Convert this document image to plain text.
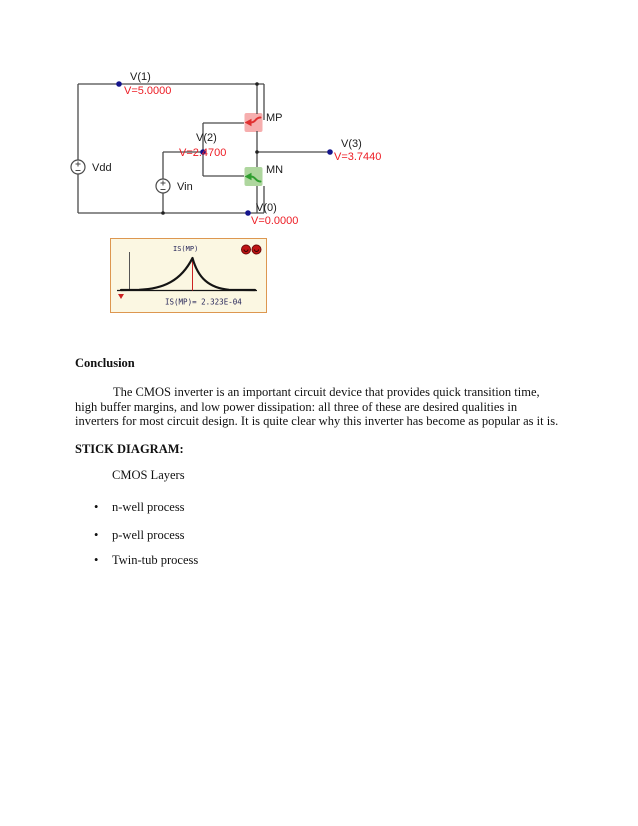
V(1)
V=5.0000
Vdd
Vin
MP
MN
V(2)
V=2.4700
V(3)
V=3.7440
V(0)
V=0.0000
IS(MP)
IS(MP)= 2.323E-04
Conclusion
The CMOS inverter is an important circuit device that provides quick transition time, high buffer margins, and low power dissipation: all three of these are desired qualities in inverters for most circuit design. It is quite clear why this inverter has become as popular as it is.
STICK DIAGRAM:
CMOS Layers
•	n-well process
•	p-well process
•	Twin-tub process
